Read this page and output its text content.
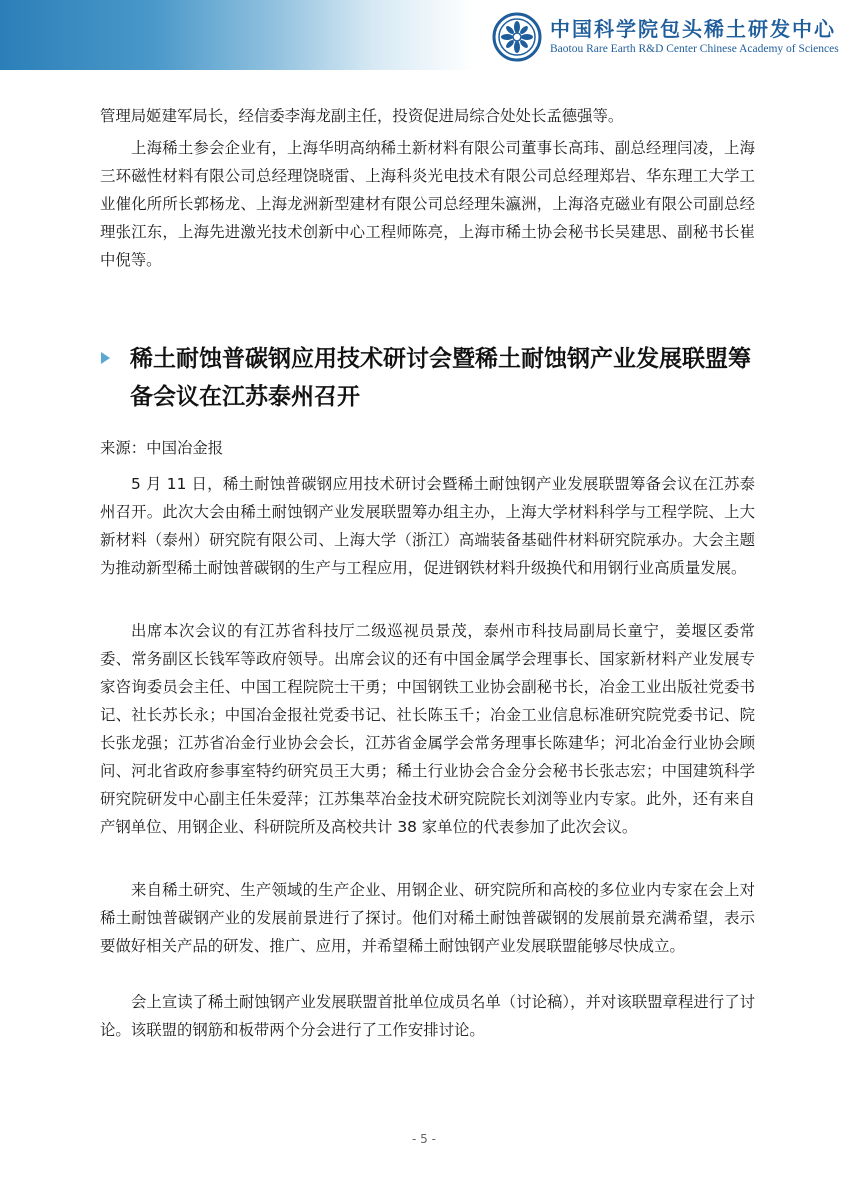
中国科学院包头稀土研发中心
Baotou Rare Earth R&D Center Chinese Academy of Sciences

管理局姬建军局长，经信委李海龙副主任，投资促进局综合处处长孟德强等。

上海稀土参会企业有，上海华明高纳稀土新材料有限公司董事长高玮、副总经理闫凌，上海三环磁性材料有限公司总经理饶晓雷、上海科炎光电技术有限公司总经理郑岩、华东理工大学工业催化所所长郭杨龙、上海龙洲新型建材有限公司总经理朱瀛洲，上海洛克磁业有限公司副总经理张江东，上海先进激光技术创新中心工程师陈亮，上海市稀土协会秘书长吴建思、副秘书长崔中倪等。

稀土耐蚀普碳钢应用技术研讨会暨稀土耐蚀钢产业发展联盟筹备会议在江苏泰州召开

来源：中国冶金报

5 月 11 日，稀土耐蚀普碳钢应用技术研讨会暨稀土耐蚀钢产业发展联盟筹备会议在江苏泰州召开。此次大会由稀土耐蚀钢产业发展联盟筹办组主办，上海大学材料科学与工程学院、上大新材料（泰州）研究院有限公司、上海大学（浙江）高端装备基础件材料研究院承办。大会主题为推动新型稀土耐蚀普碳钢的生产与工程应用，促进钢铁材料升级换代和用钢行业高质量发展。

出席本次会议的有江苏省科技厅二级巡视员景茂，泰州市科技局副局长童宁，姜堰区委常委、常务副区长钱军等政府领导。出席会议的还有中国金属学会理事长、国家新材料产业发展专家咨询委员会主任、中国工程院院士干勇；中国钢铁工业协会副秘书长，冶金工业出版社党委书记、社长苏长永；中国冶金报社党委书记、社长陈玉千；冶金工业信息标准研究院党委书记、院长张龙强；江苏省冶金行业协会会长，江苏省金属学会常务理事长陈建华；河北冶金行业协会顾问、河北省政府参事室特约研究员王大勇；稀土行业协会合金分会秘书长张志宏；中国建筑科学研究院研发中心副主任朱爱萍；江苏集萃冶金技术研究院院长刘浏等业内专家。此外，还有来自产钢单位、用钢企业、科研院所及高校共计 38 家单位的代表参加了此次会议。

来自稀土研究、生产领域的生产企业、用钢企业、研究院所和高校的多位业内专家在会上对稀土耐蚀普碳钢产业的发展前景进行了探讨。他们对稀土耐蚀普碳钢的发展前景充满希望，表示要做好相关产品的研发、推广、应用，并希望稀土耐蚀钢产业发展联盟能够尽快成立。

会上宣读了稀土耐蚀钢产业发展联盟首批单位成员名单（讨论稿），并对该联盟章程进行了讨论。该联盟的钢筋和板带两个分会进行了工作安排讨论。

- 5 -
